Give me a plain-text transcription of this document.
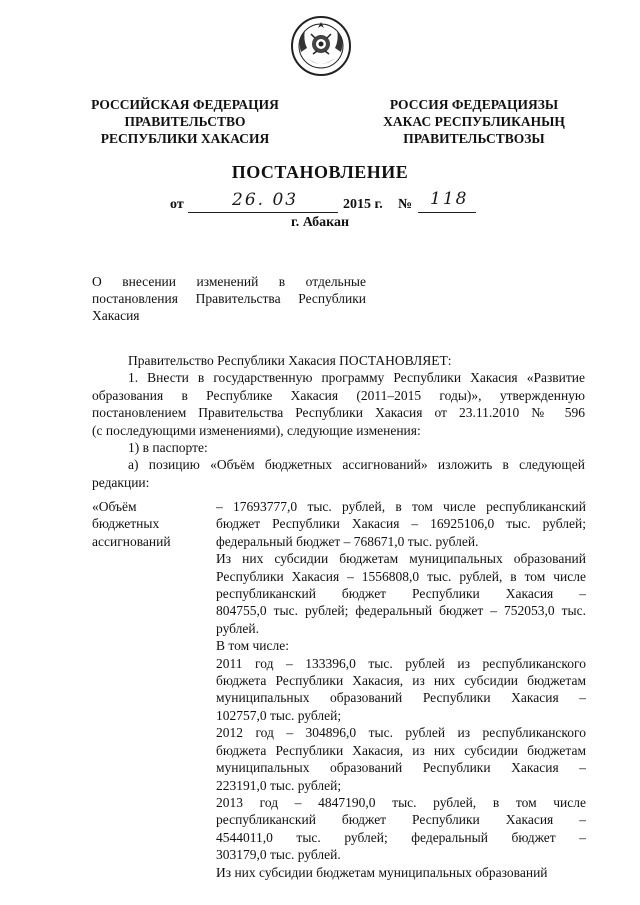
РОССИЙСКАЯ ФЕДЕРАЦИЯ
ПРАВИТЕЛЬСТВО
РЕСПУБЛИКИ ХАКАСИЯ
РОССИЯ ФЕДЕРАЦИЯЗЫ
ХАКАС РЕСПУБЛИКАНЫҢ
ПРАВИТЕЛЬСТВОЗЫ
ПОСТАНОВЛЕНИЕ
от	26. 03	2015 г. № 118
г. Абакан
О внесении изменений в отдельные
постановления Правительства Республики
Хакасия

Правительство Республики Хакасия ПОСТАНОВЛЯЕТ:

1. Внести в государственную программу Республики Хакасия «Развитие
образования в Республике Хакасия (2011–2015 годы)», утвержденную
постановлением Правительства Республики Хакасия от 23.11.2010 № 596
(с последующими изменениями), следующие изменения:

1) в паспорте:

а) позицию «Объём бюджетных ассигнований» изложить в следующей
редакции:
«Объём
бюджетных
ассигнований
– 17693777,0 тыс. рублей, в том числе республиканский
бюджет Республики Хакасия – 16925106,0 тыс. рублей;
федеральный бюджет – 768671,0 тыс. рублей.
Из них субсидии бюджетам муниципальных образований
Республики Хакасия – 1556808,0 тыс. рублей, в том числе
республиканский бюджет Республики Хакасия –
804755,0 тыс. рублей; федеральный бюджет – 752053,0 тыс.
рублей.
В том числе:
2011 год – 133396,0 тыс. рублей из республиканского
бюджета Республики Хакасия, из них субсидии бюджетам
муниципальных образований Республики Хакасия –
102757,0 тыс. рублей;
2012 год – 304896,0 тыс. рублей из республиканского
бюджета Республики Хакасия, из них субсидии бюджетам
муниципальных образований Республики Хакасия –
223191,0 тыс. рублей;
2013 год – 4847190,0 тыс. рублей, в том числе
республиканский бюджет Республики Хакасия –
4544011,0 тыс. рублей; федеральный бюджет –
303179,0 тыс. рублей.
Из них субсидии бюджетам муниципальных образований
